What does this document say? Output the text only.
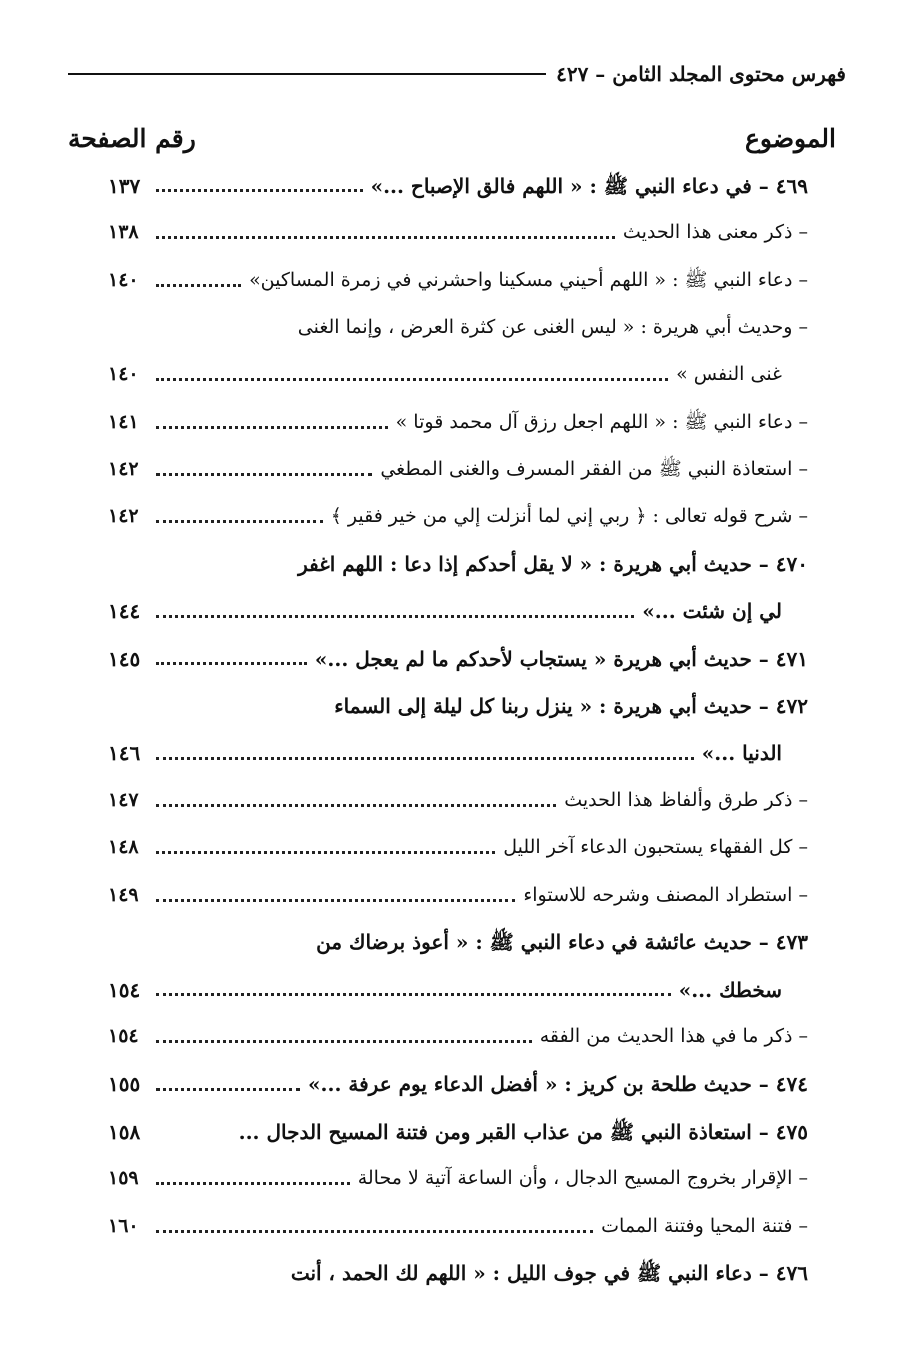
فهرس محتوى المجلد الثامن – ٤٢٧
الموضوع
رقم الصفحة
٤٦٩ – في دعاء النبي ﷺ : « اللهم فالق الإصباح ...»
١٣٧
– ذكر معنى هذا الحديث
١٣٨
– دعاء النبي ﷺ : « اللهم أحيني مسكينا واحشرني في زمرة المساكين»
١٤٠
– وحديث أبي هريرة : « ليس الغنى عن كثرة العرض ، وإنما الغنى
غنى النفس »
١٤٠
– دعاء النبي ﷺ : « اللهم اجعل رزق آل محمد قوتا »
١٤١
– استعاذة النبي ﷺ من الفقر المسرف والغنى المطغي
١٤٢
– شرح قوله تعالى : ﴿ ربي إني لما أنزلت إلي من خير فقير ﴾
١٤٢
٤٧٠ – حديث أبي هريرة : « لا يقل أحدكم إذا دعا : اللهم اغفر
لي إن شئت ...»
١٤٤
٤٧١ – حديث أبي هريرة « يستجاب لأحدكم ما لم يعجل ...»
١٤٥
٤٧٢ – حديث أبي هريرة : « ينزل ربنا كل ليلة إلى السماء
الدنيا ...»
١٤٦
– ذكر طرق وألفاظ هذا الحديث
١٤٧
– كل الفقهاء يستحبون الدعاء آخر الليل
١٤٨
– استطراد المصنف وشرحه للاستواء
١٤٩
٤٧٣ – حديث عائشة في دعاء النبي ﷺ : « أعوذ برضاك من
سخطك ...»
١٥٤
– ذكر ما في هذا الحديث من الفقه
١٥٤
٤٧٤ – حديث طلحة بن كريز : « أفضل الدعاء يوم عرفة ...»
١٥٥
٤٧٥ – استعاذة النبي ﷺ من عذاب القبر ومن فتنة المسيح الدجال ...
١٥٨
– الإقرار بخروج المسيح الدجال ، وأن الساعة آتية لا محالة
١٥٩
– فتنة المحيا وفتنة الممات
١٦٠
٤٧٦ – دعاء النبي ﷺ في جوف الليل : « اللهم لك الحمد ، أنت
